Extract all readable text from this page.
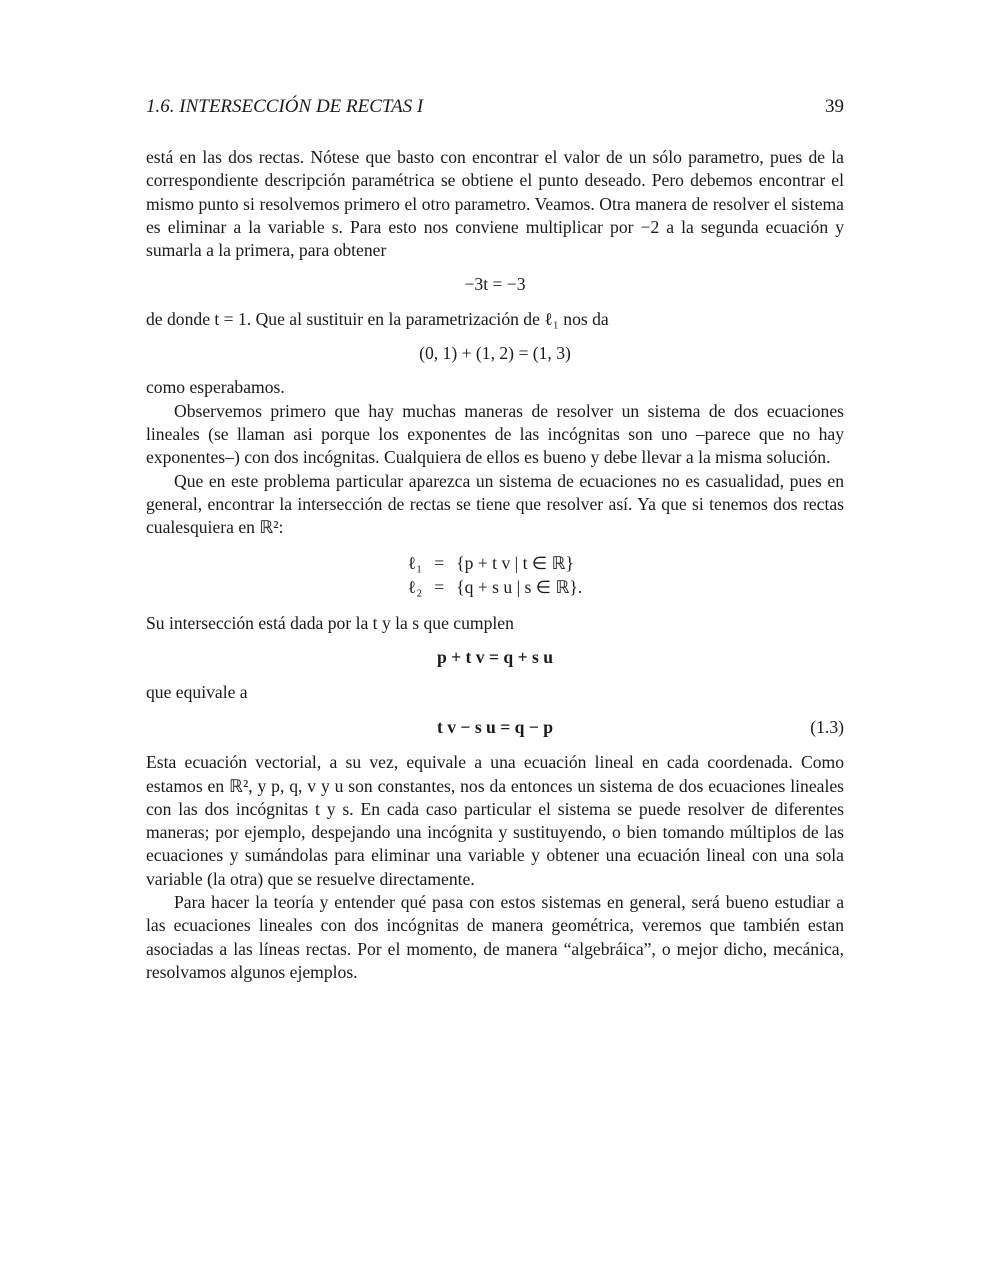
1.6. INTERSECCIÓN DE RECTAS I	39

está en las dos rectas. Nótese que basto con encontrar el valor de un sólo parametro, pues de la correspondiente descripción paramétrica se obtiene el punto deseado. Pero debemos encontrar el mismo punto si resolvemos primero el otro parametro. Veamos. Otra manera de resolver el sistema es eliminar a la variable s. Para esto nos conviene multiplicar por −2 a la segunda ecuación y sumarla a la primera, para obtener

−3t = −3

de donde t = 1. Que al sustituir en la parametrización de ℓ₁ nos da

(0, 1) + (1, 2) = (1, 3)

como esperabamos.

Observemos primero que hay muchas maneras de resolver un sistema de dos ecuaciones lineales (se llaman asi porque los exponentes de las incógnitas son uno –parece que no hay exponentes–) con dos incógnitas. Cualquiera de ellos es bueno y debe llevar a la misma solución.

Que en este problema particular aparezca un sistema de ecuaciones no es casualidad, pues en general, encontrar la intersección de rectas se tiene que resolver así. Ya que si tenemos dos rectas cualesquiera en ℝ²:

ℓ₁	=	{p + t v | t ∈ ℝ}
ℓ₂	=	{q + s u | s ∈ ℝ}.

Su intersección está dada por la t y la s que cumplen

p + t v = q + s u

que equivale a

t v − s u = q − p	(1.3)

Esta ecuación vectorial, a su vez, equivale a una ecuación lineal en cada coordenada. Como estamos en ℝ², y p, q, v y u son constantes, nos da entonces un sistema de dos ecuaciones lineales con las dos incógnitas t y s. En cada caso particular el sistema se puede resolver de diferentes maneras; por ejemplo, despejando una incógnita y sustituyendo, o bien tomando múltiplos de las ecuaciones y sumándolas para eliminar una variable y obtener una ecuación lineal con una sola variable (la otra) que se resuelve directamente.

Para hacer la teoría y entender qué pasa con estos sistemas en general, será bueno estudiar a las ecuaciones lineales con dos incógnitas de manera geométrica, veremos que también estan asociadas a las líneas rectas. Por el momento, de manera “algebráica”, o mejor dicho, mecánica, resolvamos algunos ejemplos.
